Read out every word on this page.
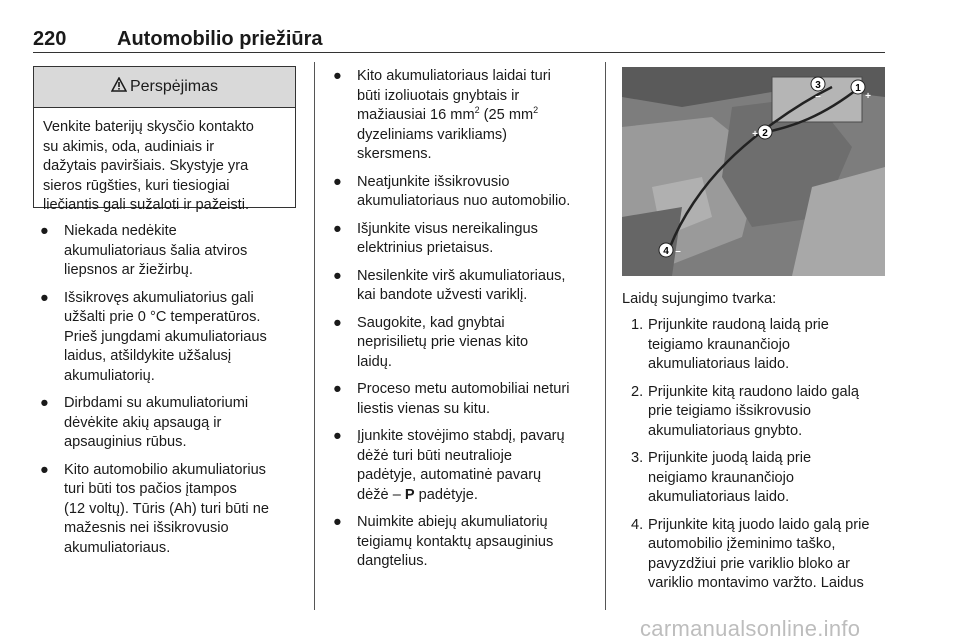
220	Automobilio priežiūra
Perspėjimas
Venkite baterijų skysčio kontakto
su akimis, oda, audiniais ir
dažytais paviršiais. Skystyje yra
sieros rūgšties, kuri tiesiogiai
liečiantis gali sužaloti ir pažeisti.
● Niekada nedėkite
akumuliatoriaus šalia atviros
liepsnos ar žiežirbų.
● Išsikrovęs akumuliatorius gali
užšalti prie 0 °C temperatūros.
Prieš jungdami akumuliatoriaus
laidus, atšildykite užšalusį
akumuliatorių.
● Dirbdami su akumuliatoriumi
dėvėkite akių apsaugą ir
apsauginius rūbus.
● Kito automobilio akumuliatorius
turi būti tos pačios įtampos
(12 voltų). Tūris (Ah) turi būti ne
mažesnis nei išsikrovusio
akumuliatoriaus.
● Kito akumuliatoriaus laidai turi
būti izoliuotais gnybtais ir
mažiausiai 16 $mm^2$ (25 $mm^2$
dyzeliniams varikliams)
skersmens.
● Neatjunkite išsikrovusio
akumuliatoriaus nuo automobilio.
● Išjunkite visus nereikalingus
elektrinius prietaisus.
● Nesilenkite virš akumuliatoriaus,
kai bandote užvesti variklį.
● Saugokite, kad gnybtai
neprisilietų prie vienas kito
laidų.
● Proceso metu automobiliai neturi
liestis vienas su kitu.
● Įjunkite stovėjimo stabdį, pavarų
dėžė turi būti neutralioje
padėtyje, automatinė pavarų
dėžė – P padėtyje.
● Nuimkite abiejų akumuliatorių
teigiamų kontaktų apsauginius
dangtelius.
1
2
3
4
–	+
+
–
Laidų sujungimo tvarka:
1. Prijunkite raudoną laidą prie
teigiamo kraunančiojo
akumuliatoriaus laido.
2. Prijunkite kitą raudono laido galą
prie teigiamo išsikrovusio
akumuliatoriaus gnybto.
3. Prijunkite juodą laidą prie
neigiamo kraunančiojo
akumuliatoriaus laido.
4. Prijunkite kitą juodo laido galą prie
automobilio įžeminimo taško,
pavyzdžiui prie variklio bloko ar
variklio montavimo varžto. Laidus
carmanualsonline.info
